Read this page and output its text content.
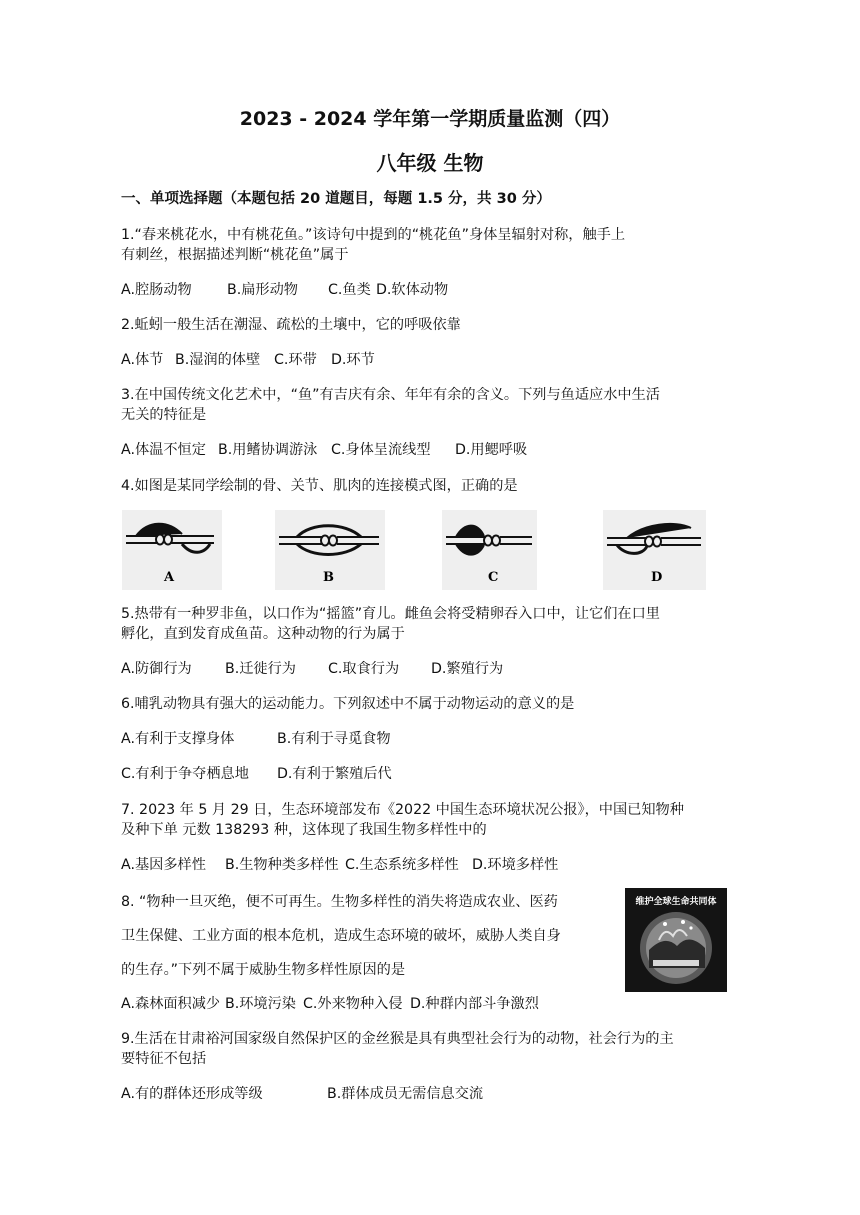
2023 - 2024 学年第一学期质量监测（四）
八年级 生物
一、单项选择题（本题包括 20 道题目，每题 1.5 分，共 30 分）
1.“春来桃花水，中有桃花鱼。”该诗句中提到的“桃花鱼”身体呈辐射对称，触手上
有刺丝，根据描述判断“桃花鱼”属于
A.腔肠动物 B.扁形动物 C.鱼类 D.软体动物
2.蚯蚓一般生活在潮湿、疏松的土壤中，它的呼吸依靠
A.体节 B.湿润的体壁 C.环带 D.环节
3.在中国传统文化艺术中，“鱼”有吉庆有余、年年有余的含义。下列与鱼适应水中生活
无关的特征是
A.体温不恒定 B.用鳍协调游泳 C.身体呈流线型 D.用鳃呼吸
4.如图是某同学绘制的骨、关节、肌肉的连接模式图，正确的是
A	B	C	D
5.热带有一种罗非鱼，以口作为“摇篮”育儿。雌鱼会将受精卵吞入口中，让它们在口里
孵化，直到发育成鱼苗。这种动物的行为属于
A.防御行为 B.迁徙行为 C.取食行为 D.繁殖行为
6.哺乳动物具有强大的运动能力。下列叙述中不属于动物运动的意义的是
A.有利于支撑身体	B.有利于寻觅食物
C.有利于争夺栖息地 D.有利于繁殖后代
7. 2023 年 5 月 29 日，生态环境部发布《2022 中国生态环境状况公报》，中国已知物种
及种下单 元数 138293 种，这体现了我国生物多样性中的
A.基因多样性 B.生物种类多样性 C.生态系统多样性 D.环境多样性
8. “物种一旦灭绝，便不可再生。生物多样性的消失将造成农业、医药
卫生保健、工业方面的根本危机，造成生态环境的破坏，威胁人类自身
的生存。”下列不属于威胁生物多样性原因的是
A.森林面积减少 B.环境污染 C.外来物种入侵 D.种群内部斗争激烈
维护全球生命共同体
9.生活在甘肃裕河国家级自然保护区的金丝猴是具有典型社会行为的动物，社会行为的主
要特征不包括
A.有的群体还形成等级	B.群体成员无需信息交流
